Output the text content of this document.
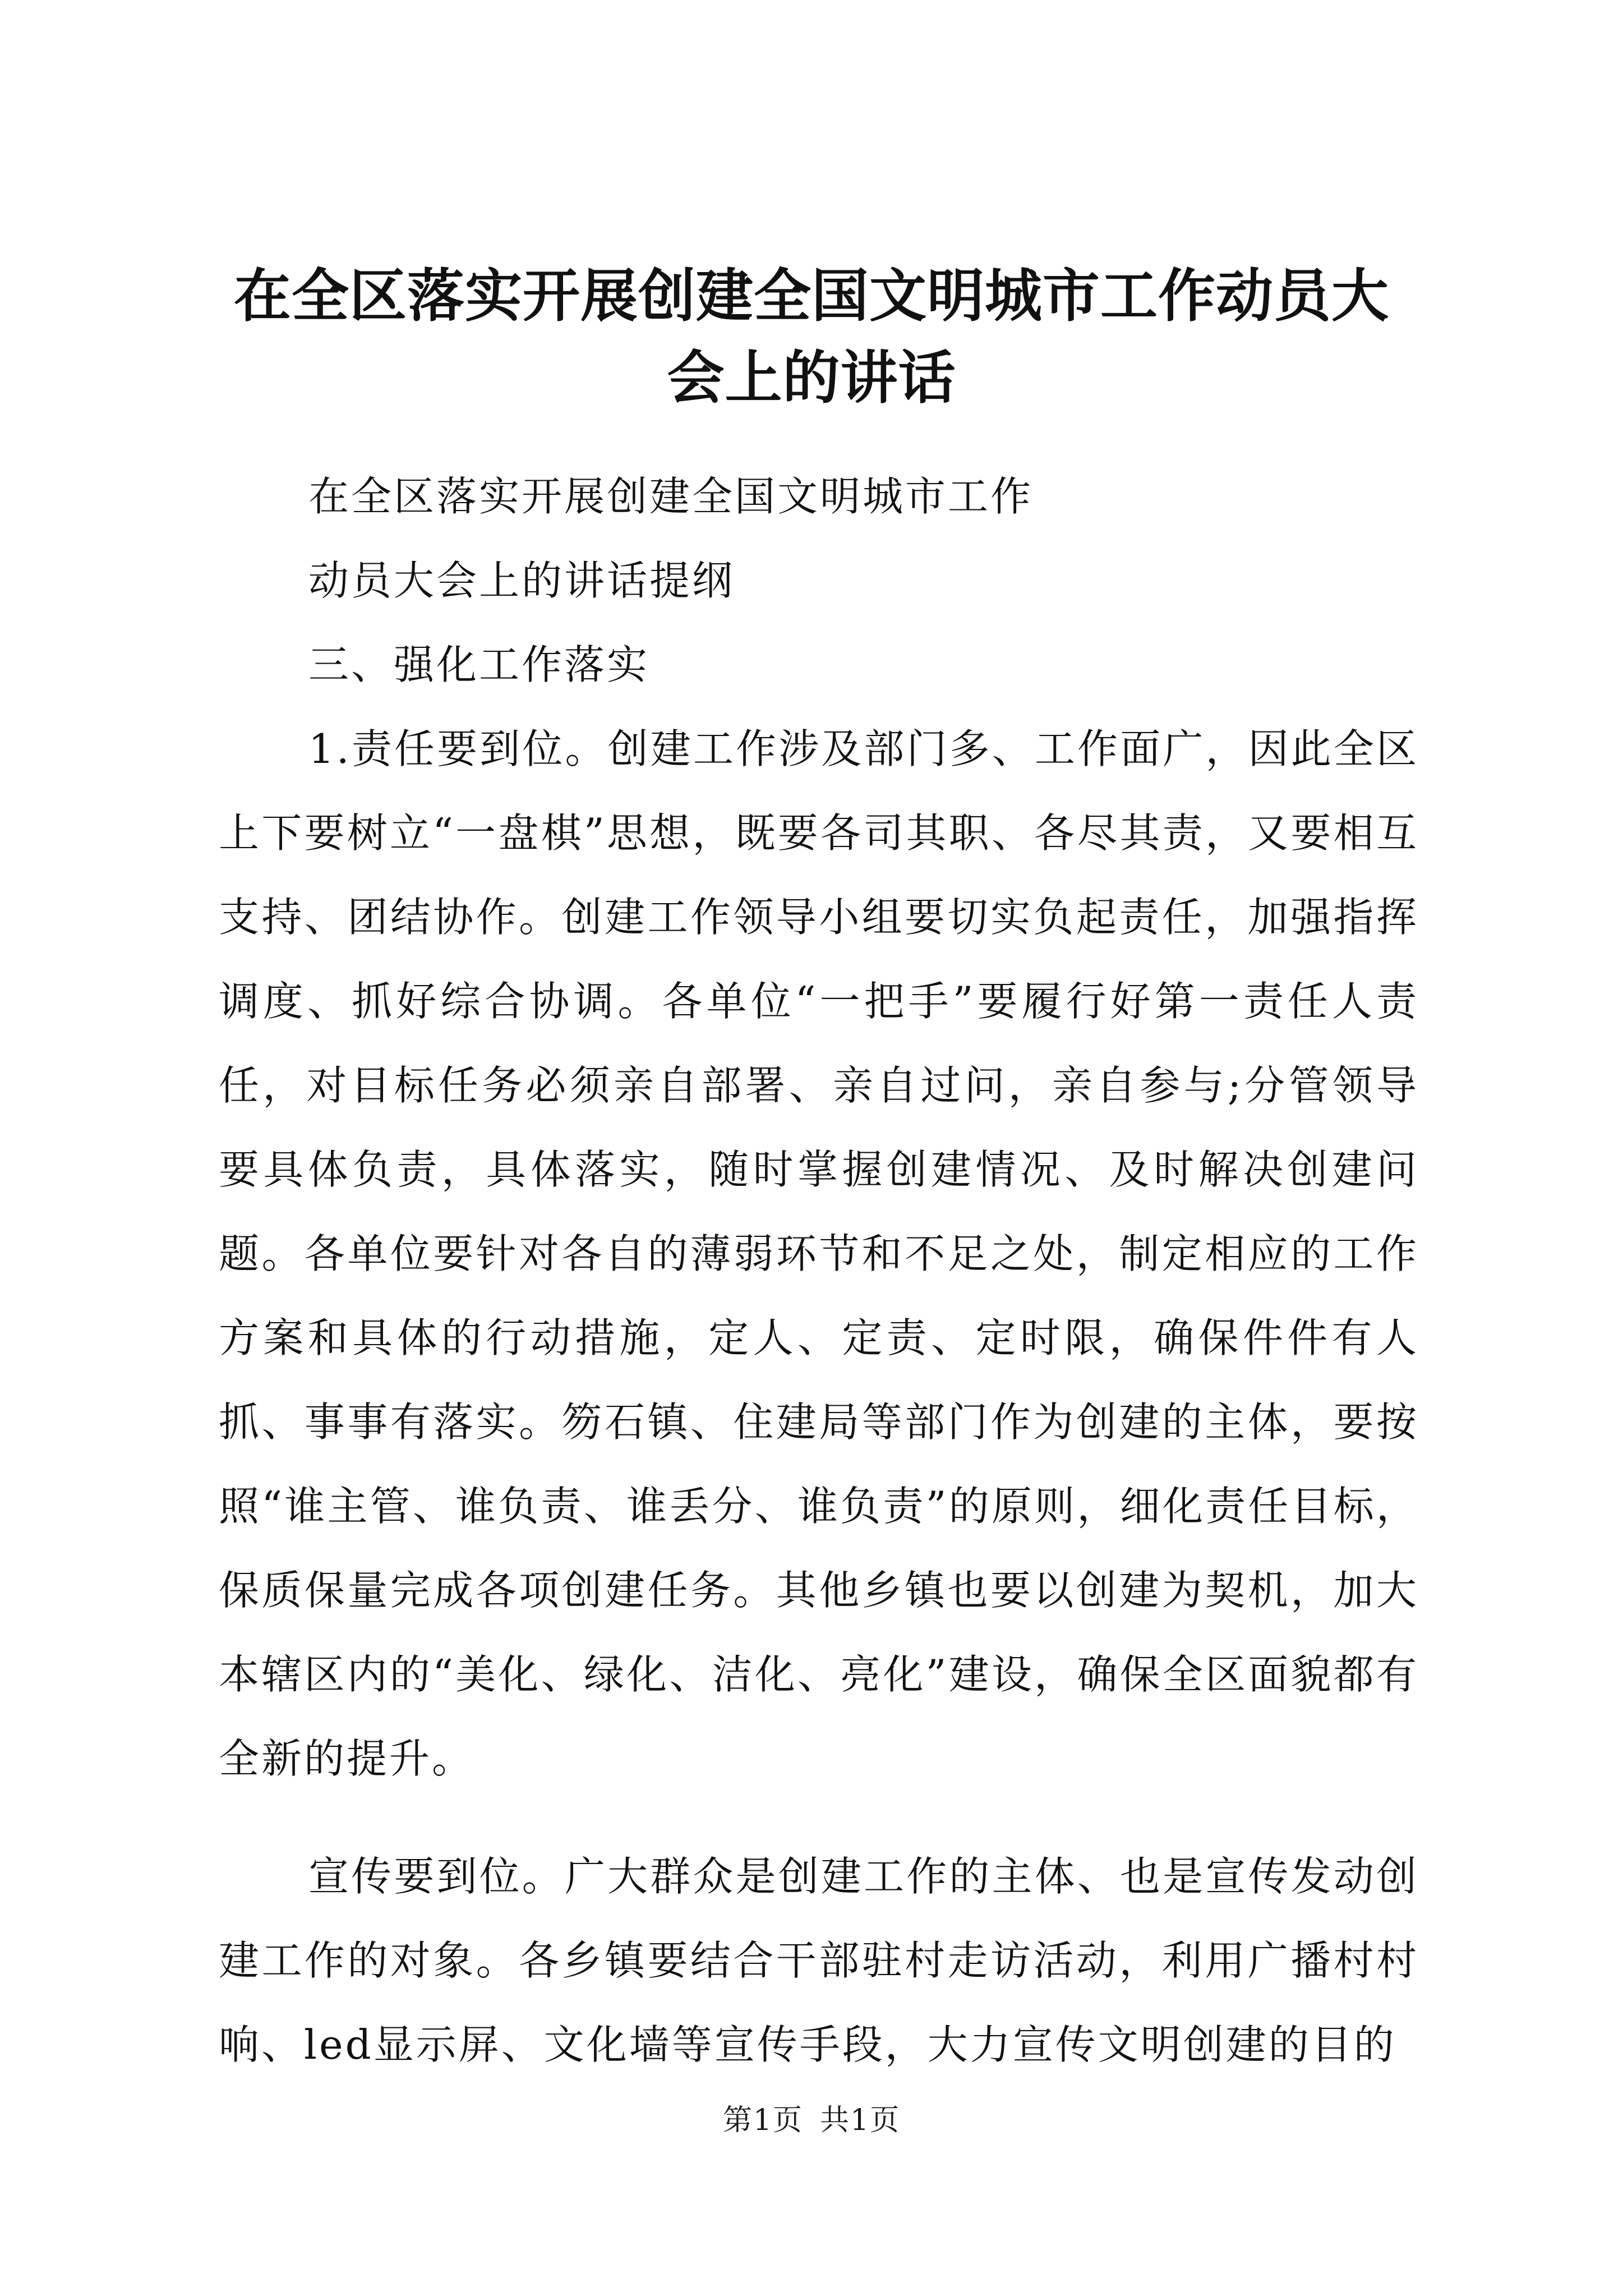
在全区落实开展创建全国文明城市工作动员大
会上的讲话

在全区落实开展创建全国文明城市工作

动员大会上的讲话提纲

三、强化工作落实

1.责任要到位。创建工作涉及部门多、工作面广，因此全区上下要树立“一盘棋”思想，既要各司其职、各尽其责，又要相互支持、团结协作。创建工作领导小组要切实负起责任，加强指挥调度、抓好综合协调。各单位“一把手”要履行好第一责任人责任，对目标任务必须亲自部署、亲自过问，亲自参与;分管领导要具体负责，具体落实，随时掌握创建情况、及时解决创建问题。各单位要针对各自的薄弱环节和不足之处，制定相应的工作方案和具体的行动措施，定人、定责、定时限，确保件件有人抓、事事有落实。笏石镇、住建局等部门作为创建的主体，要按照“谁主管、谁负责、谁丢分、谁负责”的原则，细化责任目标，保质保量完成各项创建任务。其他乡镇也要以创建为契机，加大本辖区内的“美化、绿化、洁化、亮化”建设，确保全区面貌都有全新的提升。

宣传要到位。广大群众是创建工作的主体、也是宣传发动创建工作的对象。各乡镇要结合干部驻村走访活动，利用广播村村响、led显示屏、文化墙等宣传手段，大力宣传文明创建的目的

第1页 共1页
